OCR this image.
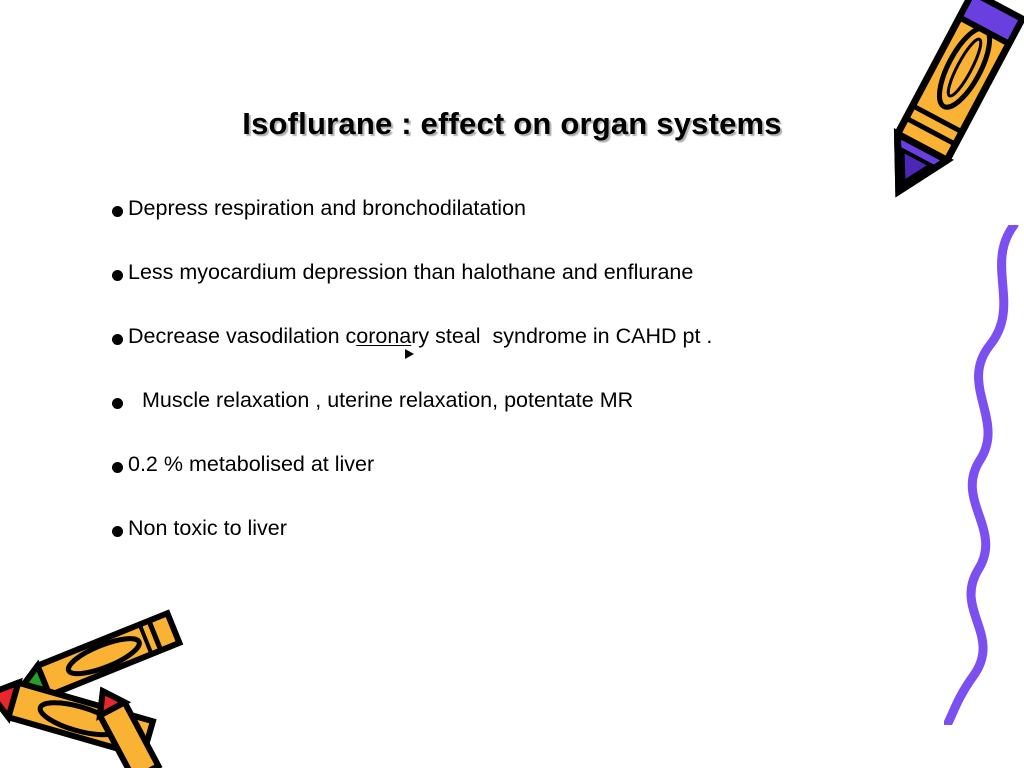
Isoflurane : effect on organ systems
Depress respiration and bronchodilatation
Less myocardium depression than halothane and enflurane
Decrease vasodilation coronary steal  syndrome in CAHD pt .
Muscle relaxation , uterine relaxation, potentate MR
0.2 % metabolised at liver
Non toxic to liver
